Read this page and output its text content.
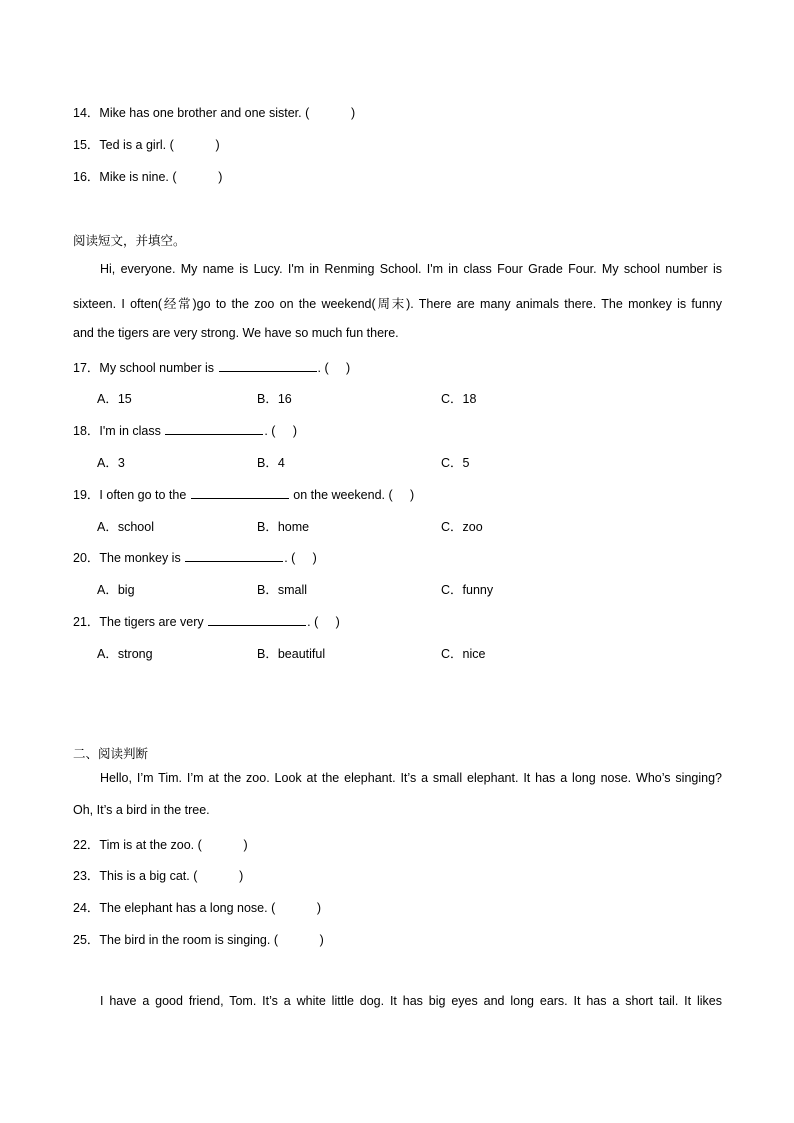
14．Mike has one brother and one sister. (            )
15．Ted is a girl. (            )
16．Mike is nine. (            )
阅读短文，并填空。
Hi, everyone. My name is Lucy. I'm in Renming School. I'm in class Four Grade Four. My school number is
sixteen. I often(经常)go to the zoo on the weekend(周末). There are many animals there. The monkey is funny
and the tigers are very strong. We have so much fun there.
17．My school number is	. (     )
A．15	B．16	C．18
18．I'm in class	. (     )
A．3	B．4	C．5
19．I often go to the	on the weekend. (     )
A．school	B．home	C．zoo
20．The monkey is	. (     )
A．big	B．small	C．funny
21．The tigers are very	. (     )
A．strong	B．beautiful	C．nice
二、阅读判断
Hello, I’m Tim. I’m at the zoo. Look at the elephant. It’s a small elephant. It has a long nose. Who’s singing?
Oh, It’s a bird in the tree.
22．Tim is at the zoo. (            )
23．This is a big cat. (            )
24．The elephant has a long nose. (            )
25．The bird in the room is singing. (            )
I have a good friend, Tom. It’s a white little dog. It has big eyes and long ears. It has a short tail. It likes
